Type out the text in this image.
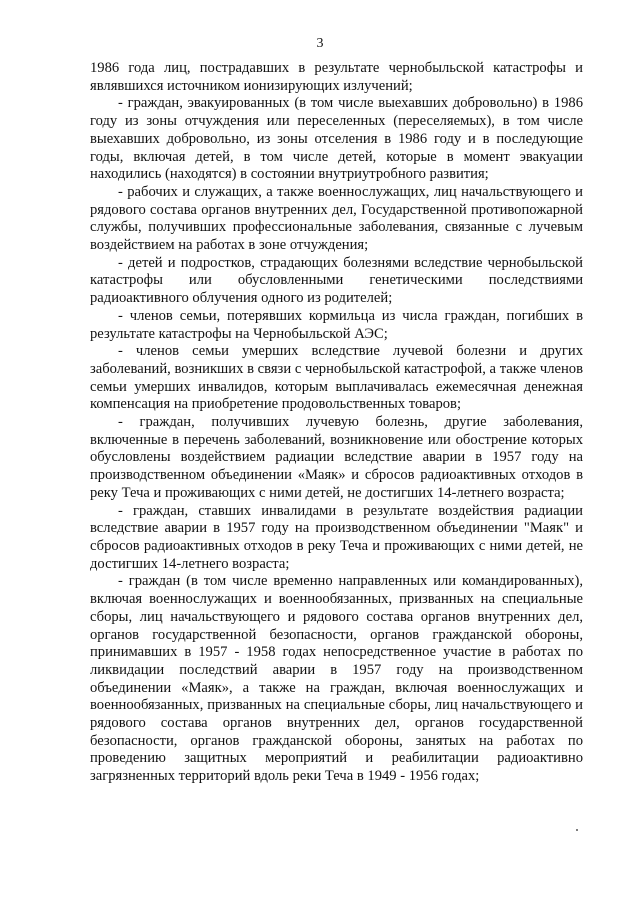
3

1986 года лиц, пострадавших в результате чернобыльской катастрофы и являвшихся источником ионизирующих излучений;

- граждан, эвакуированных (в том числе выехавших добровольно) в 1986 году из зоны отчуждения или переселенных (переселяемых), в том числе выехавших добровольно, из зоны отселения в 1986 году и в последующие годы, включая детей, в том числе детей, которые в момент эвакуации находились (находятся) в состоянии внутриутробного развития;

- рабочих и служащих, а также военнослужащих, лиц начальствующего и рядового состава органов внутренних дел, Государственной противопожарной службы, получивших профессиональные заболевания, связанные с лучевым воздействием на работах в зоне отчуждения;

- детей и подростков, страдающих болезнями вследствие чернобыльской катастрофы или обусловленными генетическими последствиями радиоактивного облучения одного из родителей;

- членов семьи, потерявших кормильца из числа граждан, погибших в результате катастрофы на Чернобыльской АЭС;

- членов семьи умерших вследствие лучевой болезни и других заболеваний, возникших в связи с чернобыльской катастрофой, а также членов семьи умерших инвалидов, которым выплачивалась ежемесячная денежная компенсация на приобретение продовольственных товаров;

- граждан, получивших лучевую болезнь, другие заболевания, включенные в перечень заболеваний, возникновение или обострение которых обусловлены воздействием радиации вследствие аварии в 1957 году на производственном объединении «Маяк» и сбросов радиоактивных отходов в реку Теча и проживающих с ними детей, не достигших 14-летнего возраста;

- граждан, ставших инвалидами в результате воздействия радиации вследствие аварии в 1957 году на производственном объединении "Маяк" и сбросов радиоактивных отходов в реку Теча и проживающих с ними детей, не достигших 14-летнего возраста;

- граждан (в том числе временно направленных или командированных), включая военнослужащих и военнообязанных, призванных на специальные сборы, лиц начальствующего и рядового состава органов внутренних дел, органов государственной безопасности, органов гражданской обороны, принимавших в 1957 - 1958 годах непосредственное участие в работах по ликвидации последствий аварии в 1957 году на производственном объединении «Маяк», а также на граждан, включая военнослужащих и военнообязанных, призванных на специальные сборы, лиц начальствующего и рядового состава органов внутренних дел, органов государственной безопасности, органов гражданской обороны, занятых на работах по проведению защитных мероприятий и реабилитации радиоактивно загрязненных территорий вдоль реки Теча в 1949 - 1956 годах;
